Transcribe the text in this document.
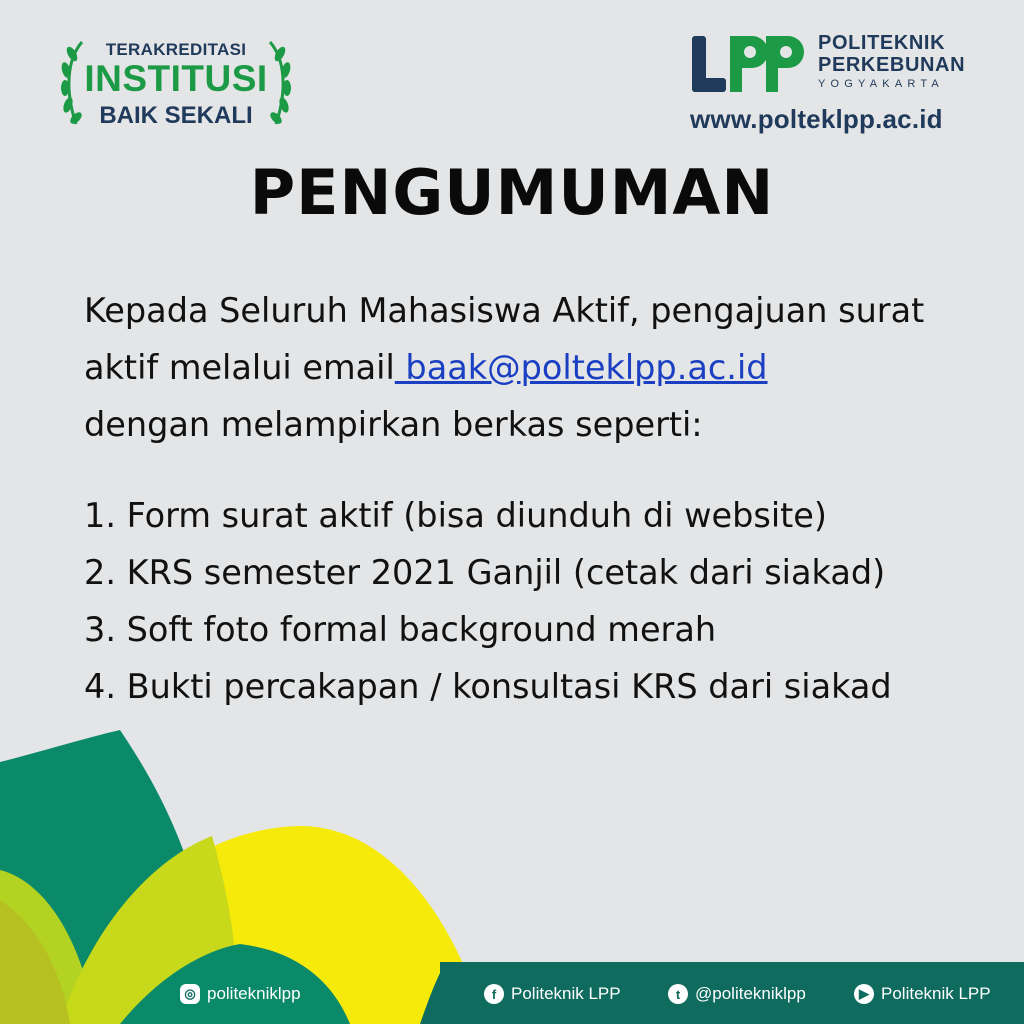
TERAKREDITASI
INSTITUSI
BAIK SEKALI
POLITEKNIK
PERKEBUNAN
YOGYAKARTA
www.polteklpp.ac.id
PENGUMUMAN
Kepada Seluruh Mahasiswa Aktif, pengajuan surat aktif melalui email baak@polteklpp.ac.id
dengan melampirkan berkas seperti:
1. Form surat aktif (bisa diunduh di website)
2. KRS semester 2021 Ganjil (cetak dari siakad)
3. Soft foto formal background merah
4. Bukti percakapan / konsultasi KRS dari siakad
◎ politekniklpp	f Politeknik LPP	t @politekniklpp	▶ Politeknik LPP
